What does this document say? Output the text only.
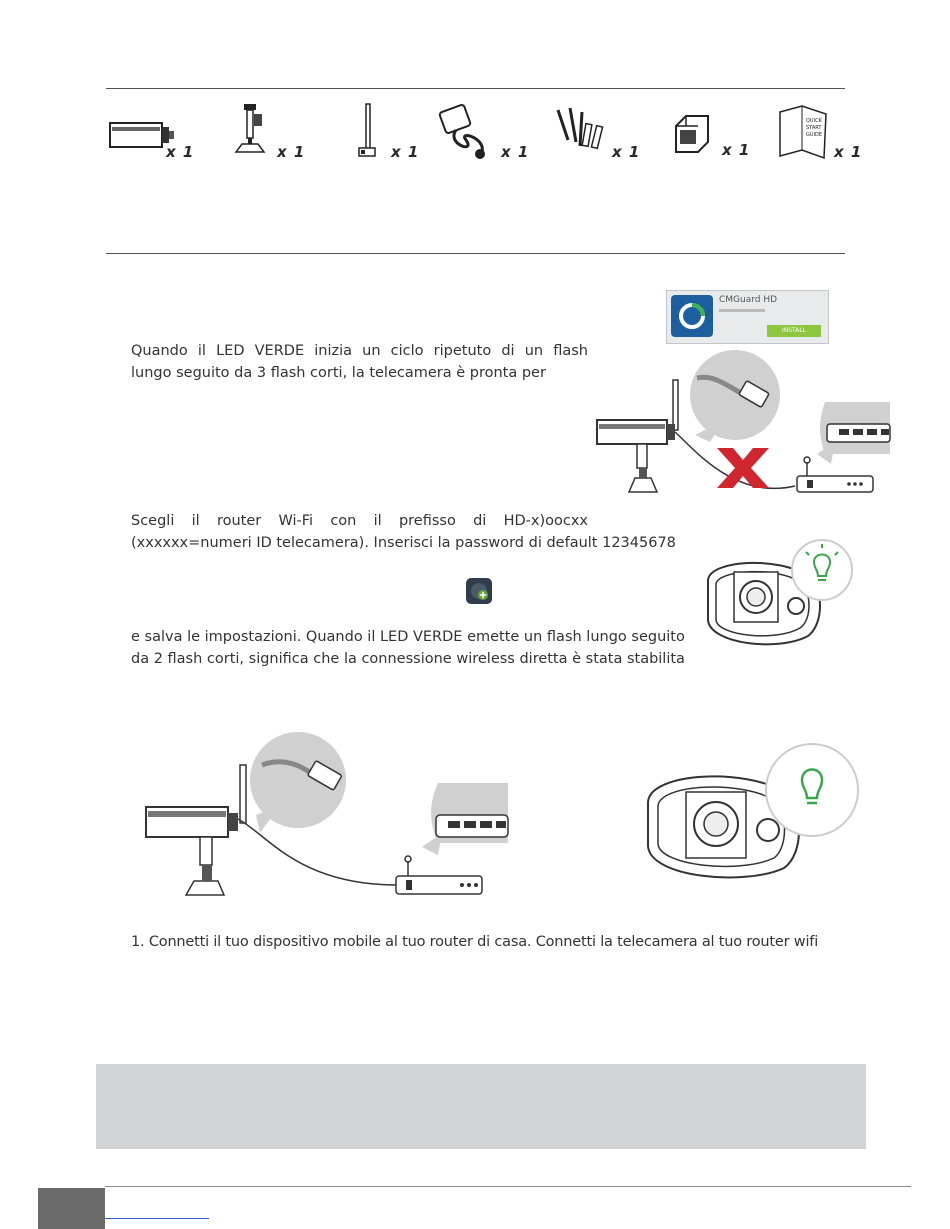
x 1	x 1	x 1	x 1	x 1	x 1
QUICK
START
GUIDE
x 1
CMGuard HD
INSTALL
Quando il LED VERDE inizia un ciclo ripetuto di un flash
lungo seguito da 3 flash corti, la telecamera è pronta per
Scegli il router Wi-Fi con il prefisso di HD-x)oocxx
(xxxxxx=numeri ID telecamera). Inserisci la password di default 12345678
e salva le impostazioni. Quando il LED VERDE emette un flash lungo seguito
da 2 flash corti, significa che la connessione wireless diretta è stata stabilita
1. Connetti il tuo dispositivo mobile al tuo router di casa. Connetti la telecamera al tuo router wifi
